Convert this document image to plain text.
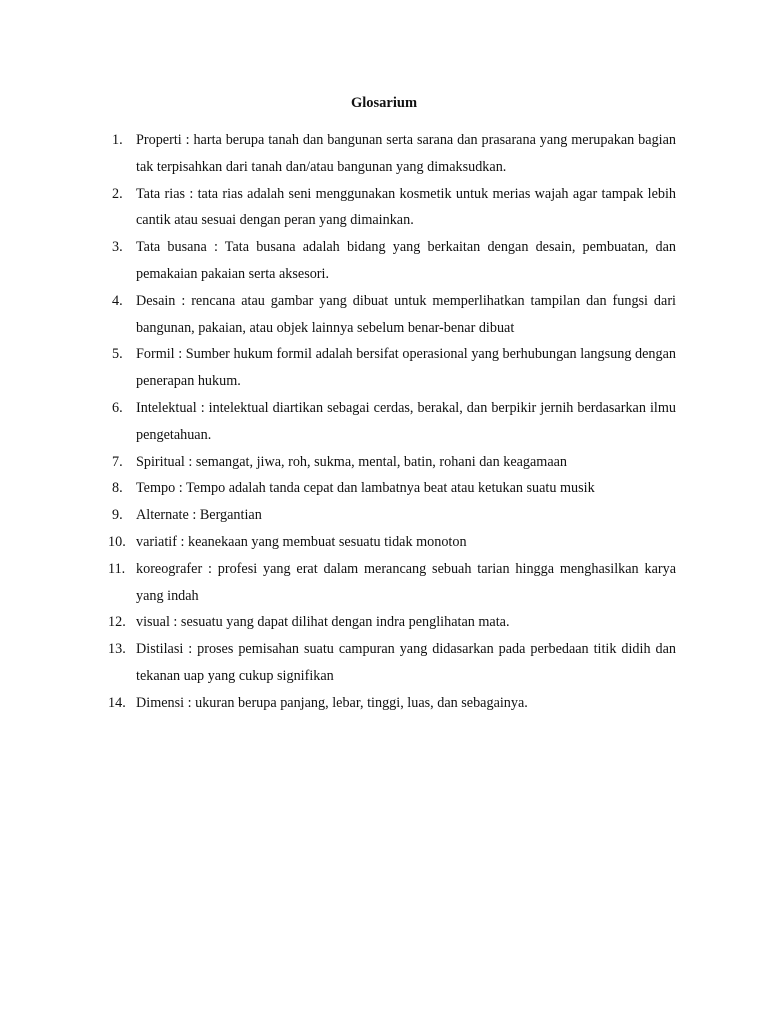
Glosarium
1. Properti : harta berupa tanah dan bangunan serta sarana dan prasarana yang merupakan bagian tak terpisahkan dari tanah dan/atau bangunan yang dimaksudkan.
2. Tata rias : tata rias adalah seni menggunakan kosmetik untuk merias wajah agar tampak lebih cantik atau sesuai dengan peran yang dimainkan.
3. Tata busana : Tata busana adalah bidang yang berkaitan dengan desain, pembuatan, dan pemakaian pakaian serta aksesori.
4. Desain : rencana atau gambar yang dibuat untuk memperlihatkan tampilan dan fungsi dari bangunan, pakaian, atau objek lainnya sebelum benar-benar dibuat
5. Formil : Sumber hukum formil adalah bersifat operasional yang berhubungan langsung dengan penerapan hukum.
6. Intelektual : intelektual diartikan sebagai cerdas, berakal, dan berpikir jernih berdasarkan ilmu pengetahuan.
7. Spiritual : semangat, jiwa, roh, sukma, mental, batin, rohani dan keagamaan
8. Tempo : Tempo adalah tanda cepat dan lambatnya beat atau ketukan suatu musik
9. Alternate : Bergantian
10. variatif : keanekaan yang membuat sesuatu tidak monoton
11. koreografer : profesi yang erat dalam merancang sebuah tarian hingga menghasilkan karya yang indah
12. visual : sesuatu yang dapat dilihat dengan indra penglihatan mata.
13. Distilasi : proses pemisahan suatu campuran yang didasarkan pada perbedaan titik didih dan tekanan uap yang cukup signifikan
14. Dimensi : ukuran berupa panjang, lebar, tinggi, luas, dan sebagainya.
